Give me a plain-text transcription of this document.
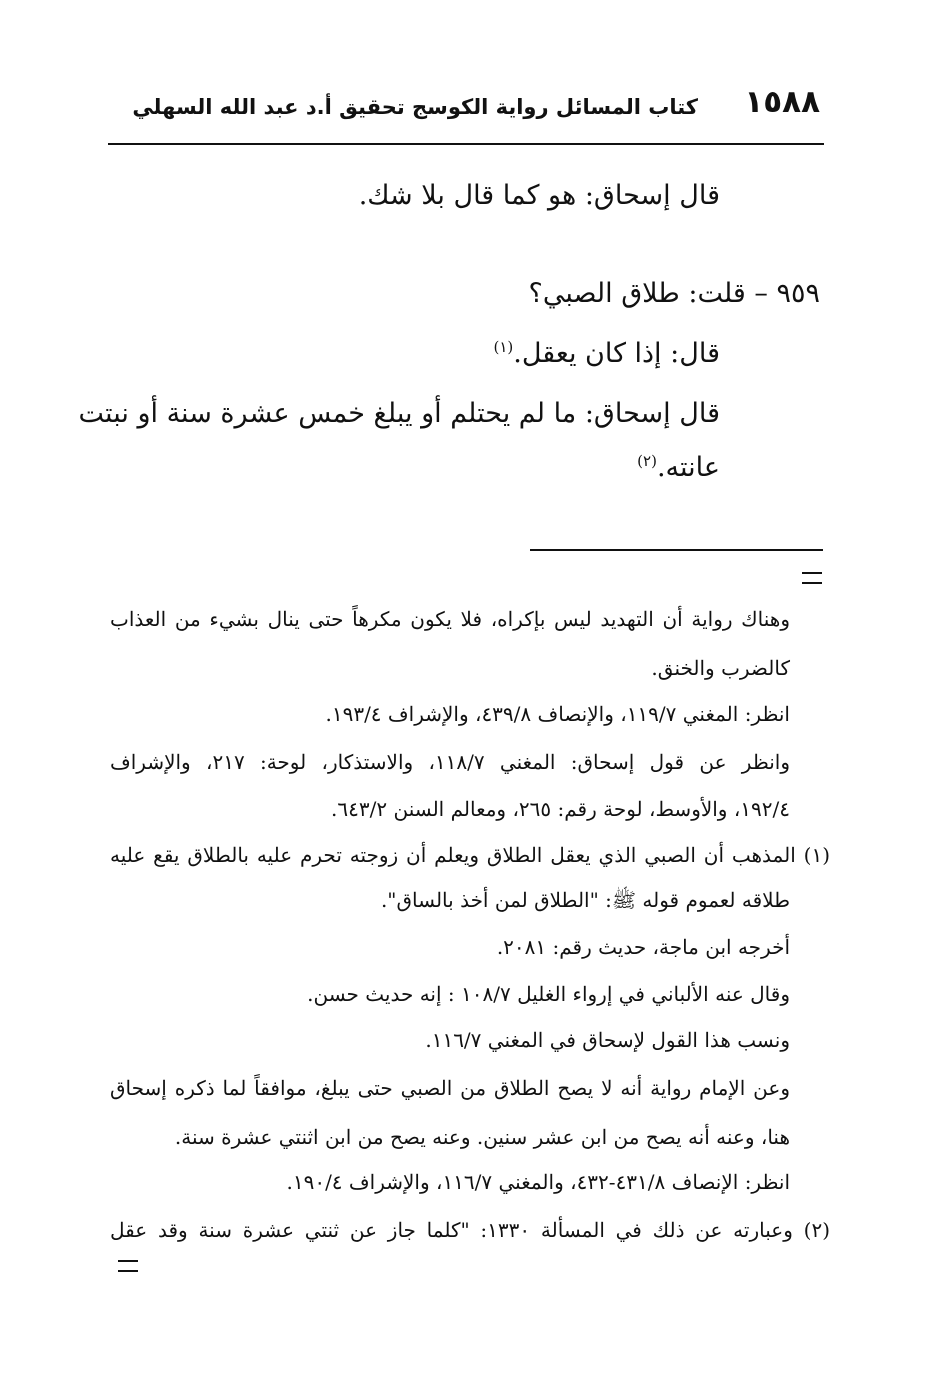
١٥٨٨
كتاب المسائل رواية الكوسج تحقيق أ.د عبد الله السهلي
قال إسحاق: هو كما قال بلا شك.
٩٥٩ – قلت: طلاق الصبي؟
قال: إذا كان يعقل.$^{(١)}$
قال إسحاق: ما لم يحتلم أو يبلغ خمس عشرة سنة أو نبتت
عانته.$^{(٢)}$
وهناك رواية أن التهديد ليس بإكراه، فلا يكون مكرهاً حتى ينال بشيء من العذاب
كالضرب والخنق.
انظر: المغني ١١٩/٧، والإنصاف ٤٣٩/٨، والإشراف ١٩٣/٤.
وانظر عن قول إسحاق: المغني ١١٨/٧، والاستذكار، لوحة: ٢١٧، والإشراف
١٩٢/٤، والأوسط، لوحة رقم: ٢٦٥، ومعالم السنن ٦٤٣/٢.
(١) المذهب أن الصبي الذي يعقل الطلاق ويعلم أن زوجته تحرم عليه بالطلاق يقع عليه
طلاقه لعموم قوله ﷺ: "الطلاق لمن أخذ بالساق".
أخرجه ابن ماجة، حديث رقم: ٢٠٨١.
وقال عنه الألباني في إرواء الغليل ١٠٨/٧ : إنه حديث حسن.
ونسب هذا القول لإسحاق في المغني ١١٦/٧.
وعن الإمام رواية أنه لا يصح الطلاق من الصبي حتى يبلغ، موافقاً لما ذكره إسحاق
هنا، وعنه أنه يصح من ابن عشر سنين. وعنه يصح من ابن اثنتي عشرة سنة.
انظر: الإنصاف ٤٣١/٨-٤٣٢، والمغني ١١٦/٧، والإشراف ١٩٠/٤.
(٢) وعبارته عن ذلك في المسألة ١٣٣٠: "كلما جاز عن ثنتي عشرة سنة وقد عقل
